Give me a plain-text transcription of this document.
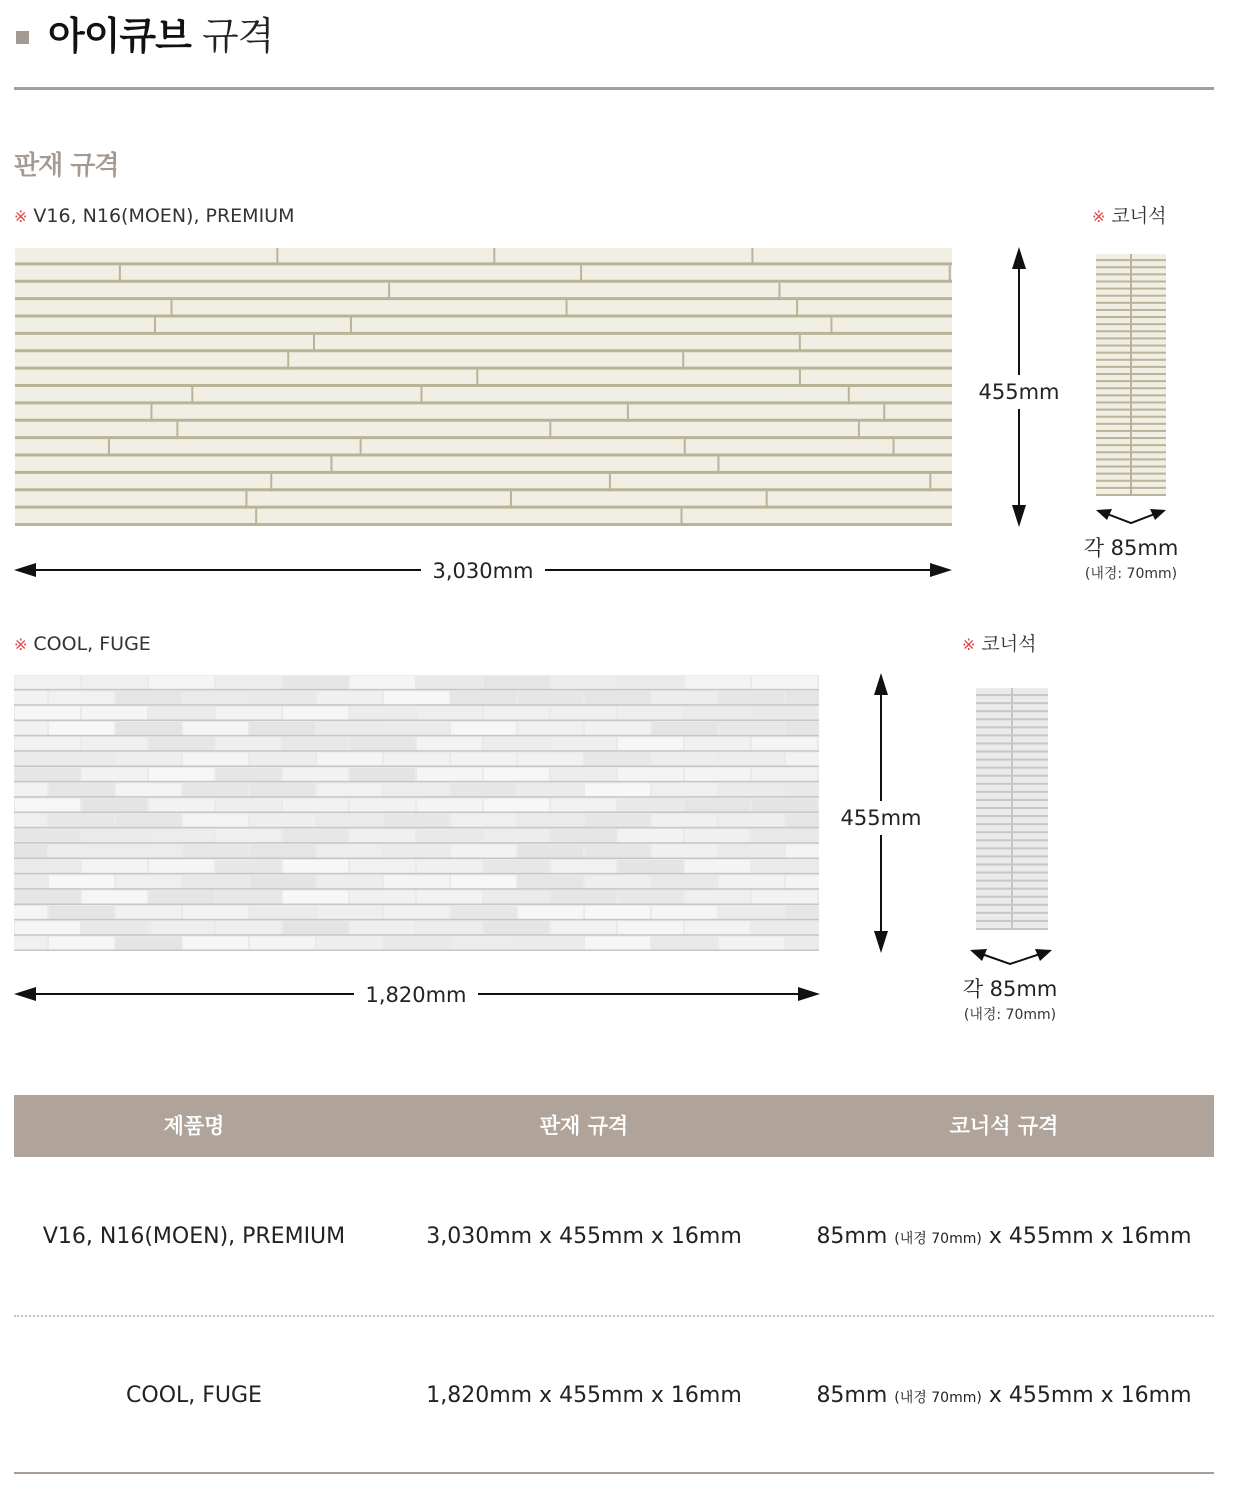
아이큐브 규격
판재 규격
※ V16, N16(MOEN), PREMIUM	※ 코너석
3,030mm
455mm
각 85mm
(내경: 70mm)
※ COOL, FUGE	※ 코너석
1,820mm
455mm
각 85mm
(내경: 70mm)
제품명	판재 규격	코너석 규격
V16, N16(MOEN), PREMIUM	3,030mm x 455mm x 16mm	85mm (내경 70mm) x 455mm x 16mm
COOL, FUGE	1,820mm x 455mm x 16mm	85mm (내경 70mm) x 455mm x 16mm
